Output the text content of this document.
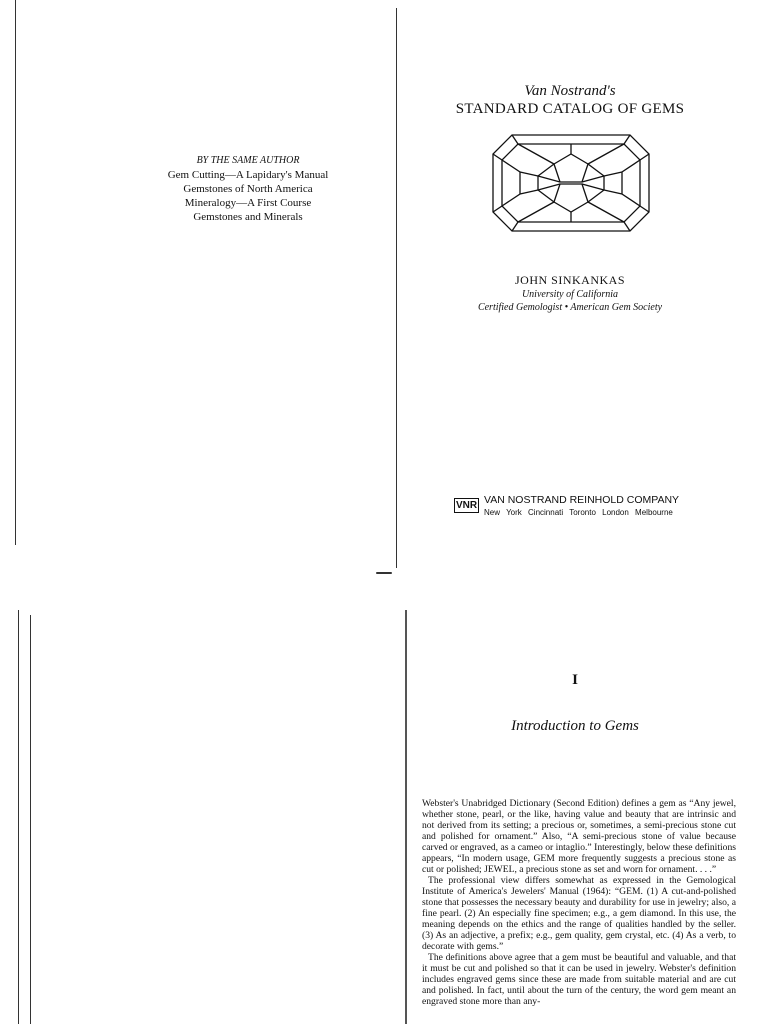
BY THE SAME AUTHOR
Gem Cutting—A Lapidary's Manual
Gemstones of North America
Mineralogy—A First Course
Gemstones and Minerals
Van Nostrand's
STANDARD CATALOG OF GEMS
JOHN SINKANKAS
University of California
Certified Gemologist • American Gem Society
VNR VAN NOSTRAND REINHOLD COMPANY
New York Cincinnati Toronto London Melbourne
I
Introduction to Gems

Webster's Unabridged Dictionary (Second Edition) defines a gem as “Any jewel, whether stone, pearl, or the like, having value and beauty that are intrinsic and not derived from its setting; a precious or, sometimes, a semi-precious stone cut and polished for ornament.” Also, “A semi-precious stone of value because carved or engraved, as a cameo or intaglio.” Interestingly, below these definitions appears, “In modern usage, GEM more frequently suggests a precious stone as cut or polished; JEWEL, a precious stone as set and worn for ornament. . . .”

The professional view differs somewhat as expressed in the Gemological Institute of America's Jewelers' Manual (1964): “GEM. (1) A cut-and-polished stone that possesses the necessary beauty and durability for use in jewelry; also, a fine pearl. (2) An especially fine specimen; e.g., a gem diamond. In this use, the meaning depends on the ethics and the range of qualities handled by the seller. (3) As an adjective, a prefix; e.g., gem quality, gem crystal, etc. (4) As a verb, to decorate with gems.”

The definitions above agree that a gem must be beautiful and valuable, and that it must be cut and polished so that it can be used in jewelry. Webster's definition includes engraved gems since these are made from suitable material and are cut and polished. In fact, until about the turn of the century, the word gem meant an engraved stone more than any-
